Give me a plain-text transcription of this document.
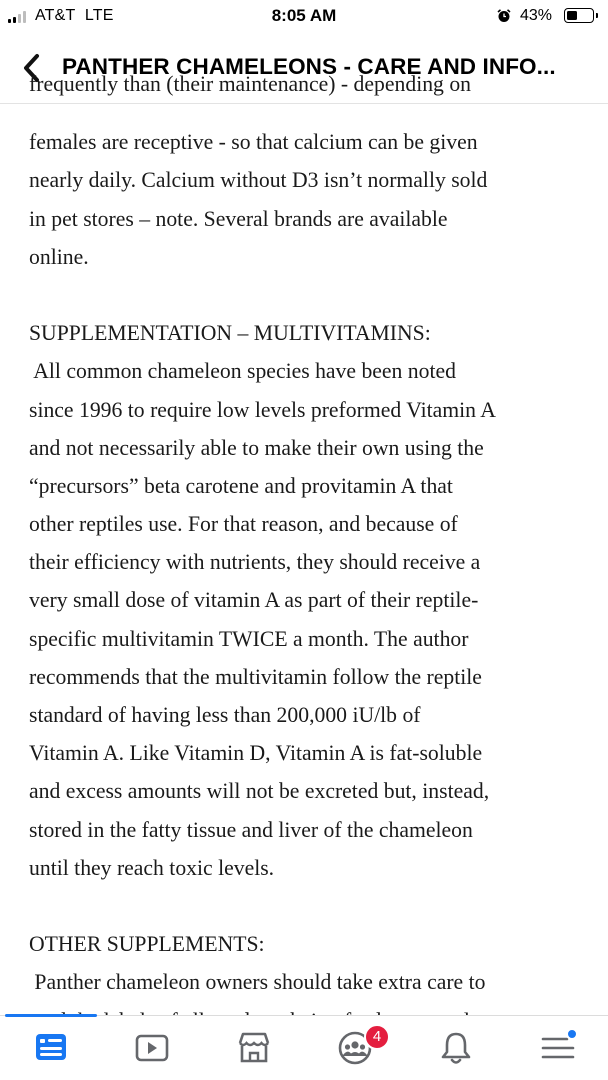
AT&T LTE	8:05 AM	43%
PANTHER CHAMELEONS - CARE AND INFO...
frequently than (their maintenance) - depending on
females are receptive - so that calcium can be given
nearly daily. Calcium without D3 isn’t normally sold
in pet stores – note. Several brands are available
online.
SUPPLEMENTATION – MULTIVITAMINS:
All common chameleon species have been noted
since 1996 to require low levels preformed Vitamin A
and not necessarily able to make their own using the
“precursors” beta carotene and provitamin A that
other reptiles use. For that reason, and because of
their efficiency with nutrients, they should receive a
very small dose of vitamin A as part of their reptile-
specific multivitamin TWICE a month. The author
recommends that the multivitamin follow the reptile
standard of having less than 200,000 iU/lb of
Vitamin A. Like Vitamin D, Vitamin A is fat-soluble
and excess amounts will not be excreted but, instead,
stored in the fatty tissue and liver of the chameleon
until they reach toxic levels.
OTHER SUPPLEMENTS:
Panther chameleon owners should take extra care to
4
